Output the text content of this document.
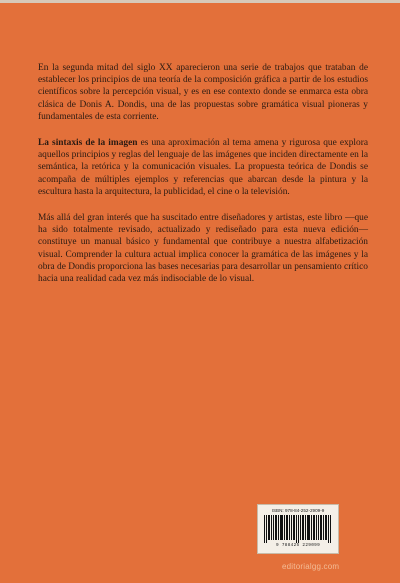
En la segunda mitad del siglo XX aparecieron una serie de trabajos que trataban de establecer los principios de una teoría de la composición gráfica a partir de los estudios científicos sobre la percepción visual, y es en ese contexto donde se enmarca esta obra clásica de Donis A. Dondis, una de las propuestas sobre gramática visual pioneras y fundamentales de esta corriente.

La sintaxis de la imagen es una aproximación al tema amena y rigurosa que explora aquellos principios y reglas del lenguaje de las imágenes que inciden directamente en la semántica, la retórica y la comunicación visuales. La propuesta teórica de Dondis se acompaña de múltiples ejemplos y referencias que abarcan desde la pintura y la escultura hasta la arquitectura, la publicidad, el cine o la televisión.

Más allá del gran interés que ha suscitado entre diseñadores y artistas, este libro —que ha sido totalmente revisado, actualizado y rediseñado para esta nueva edición— constituye un manual básico y fundamental que contribuye a nuestra alfabetización visual. Comprender la cultura actual implica conocer la gramática de las imágenes y la obra de Dondis proporciona las bases necesarias para desarrollar un pensamiento crítico hacia una realidad cada vez más indisociable de lo visual.

ISBN: 978-84-252-2909-9
9 788425 229099
editorialgg.com
